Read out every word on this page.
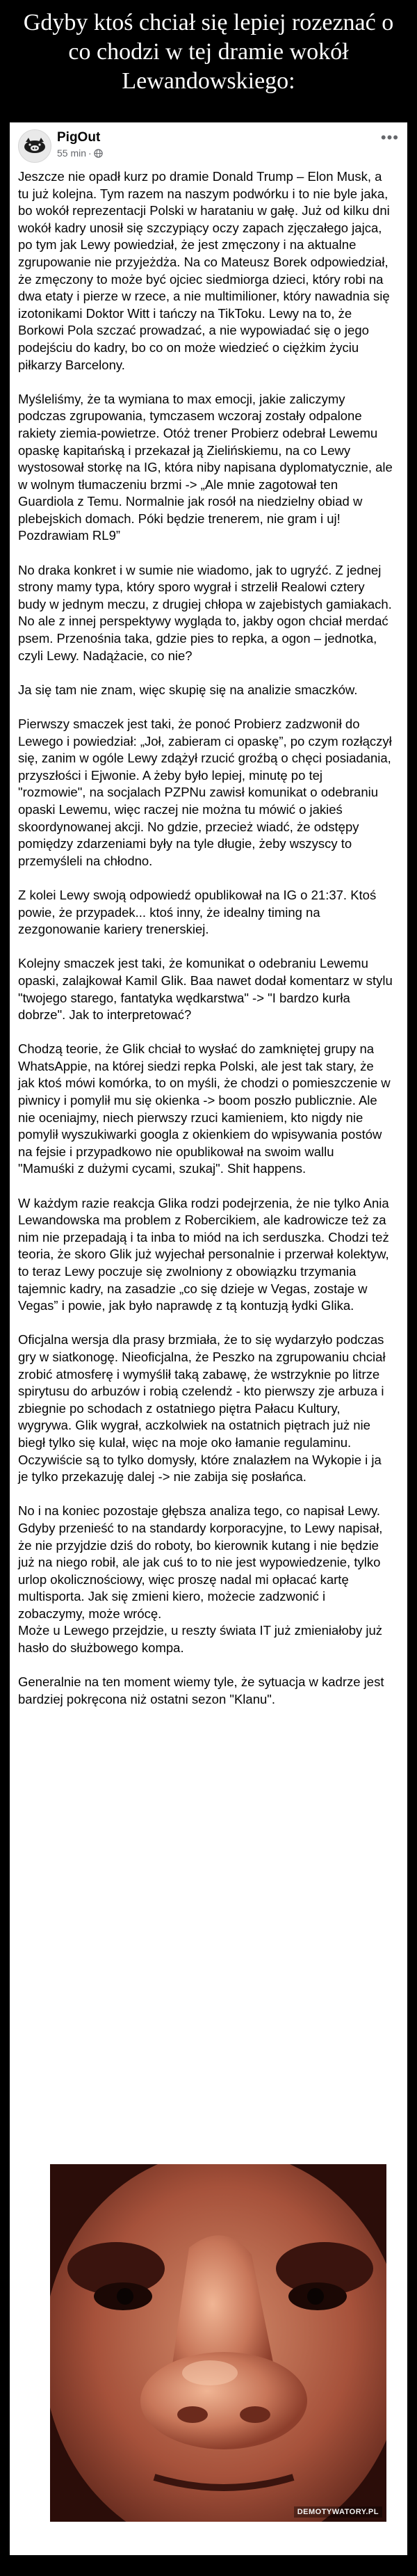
Gdyby ktoś chciał się lepiej rozeznać o co chodzi w tej dramie wokół Lewandowskiego:
PigOut
55 min ·
•••

Jeszcze nie opadł kurz po dramie Donald Trump – Elon Musk, a tu już kolejna. Tym razem na naszym podwórku i to nie byle jaka, bo wokół reprezentacji Polski w harataniu w gałę. Już od kilku dni wokół kadry unosił się szczypiący oczy zapach zjęczałego jajca, po tym jak Lewy powiedział, że jest zmęczony i na aktualne zgrupowanie nie przyjeżdża. Na co Mateusz Borek odpowiedział, że zmęczony to może być ojciec siedmiorga dzieci, który robi na dwa etaty i pierze w rzece, a nie multimilioner, który nawadnia się izotonikami Doktor Witt i tańczy na TikToku. Lewy na to, że Borkowi Pola szczać prowadzać, a nie wypowiadać się o jego podejściu do kadry, bo co on może wiedzieć o ciężkim życiu piłkarzy Barcelony.

Myśleliśmy, że ta wymiana to max emocji, jakie zaliczymy podczas zgrupowania, tymczasem wczoraj zostały odpalone rakiety ziemia-powietrze. Otóż trener Probierz odebrał Lewemu opaskę kapitańską i przekazał ją Zielińskiemu, na co Lewy wystosował storkę na IG, która niby napisana dyplomatycznie, ale w wolnym tłumaczeniu brzmi -> „Ale mnie zagotował ten Guardiola z Temu. Normalnie jak rosół na niedzielny obiad w plebejskich domach. Póki będzie trenerem, nie gram i uj! Pozdrawiam RL9”

No draka konkret i w sumie nie wiadomo, jak to ugryźć. Z jednej strony mamy typa, który sporo wygrał i strzelił Realowi cztery budy w jednym meczu, z drugiej chłopa w zajebistych gamiakach. No ale z innej perspektywy wygląda to, jakby ogon chciał merdać psem. Przenośnia taka, gdzie pies to repka, a ogon – jednotka, czyli Lewy. Nadążacie, co nie?

Ja się tam nie znam, więc skupię się na analizie smaczków.

Pierwszy smaczek jest taki, że ponoć Probierz zadzwonił do Lewego i powiedział: „Joł, zabieram ci opaskę”, po czym rozłączył się, zanim w ogóle Lewy zdążył rzucić groźbą o chęci posiadania, przyszłości i Ejwonie. A żeby było lepiej, minutę po tej "rozmowie", na socjalach PZPNu zawisł komunikat o odebraniu opaski Lewemu, więc raczej nie można tu mówić o jakieś skoordynowanej akcji. No gdzie, przecież wiadć, że odstępy pomiędzy zdarzeniami były na tyle długie, żeby wszyscy to przemyśleli na chłodno.

Z kolei Lewy swoją odpowiedź opublikował na IG o 21:37. Ktoś powie, że przypadek... ktoś inny, że idealny timing na zezgonowanie kariery trenerskiej.

Kolejny smaczek jest taki, że komunikat o odebraniu Lewemu opaski, zalajkował Kamil Glik. Baa nawet dodał komentarz w stylu "twojego starego, fantatyka wędkarstwa" -> "I bardzo kurła dobrze". Jak to interpretować?

Chodzą teorie, że Glik chciał to wysłać do zamkniętej grupy na WhatsAppie, na której siedzi repka Polski, ale jest tak stary, że jak ktoś mówi komórka, to on myśli, że chodzi o pomieszczenie w piwnicy i pomylił mu się okienka -> boom poszło publicznie. Ale nie oceniajmy, niech pierwszy rzuci kamieniem, kto nigdy nie pomylił wyszukiwarki googla z okienkiem do wpisywania postów na fejsie i przypadkowo nie opublikował na swoim wallu "Mamuśki z dużymi cycami, szukaj". Shit happens.

W każdym razie reakcja Glika rodzi podejrzenia, że nie tylko Ania Lewandowska ma problem z Robercikiem, ale kadrowicze też za nim nie przepadają i ta inba to miód na ich serduszka. Chodzi też teoria, że skoro Glik już wyjechał personalnie i przerwał kolektyw, to teraz Lewy poczuje się zwolniony z obowiązku trzymania tajemnic kadry, na zasadzie „co się dzieje w Vegas, zostaje w Vegas” i powie, jak było naprawdę z tą kontuzją łydki Glika.

Oficjalna wersja dla prasy brzmiała, że to się wydarzyło podczas gry w siatkonogę. Nieoficjalna, że Peszko na zgrupowaniu chciał zrobić atmosferę i wymyślił taką zabawę, że wstrzyknie po litrze spirytusu do arbuzów i robią czelendż - kto pierwszy zje arbuza i zbiegnie po schodach z ostatniego piętra Pałacu Kultury, wygrywa. Glik wygrał, aczkolwiek na ostatnich piętrach już nie biegł tylko się kulał, więc na moje oko łamanie regulaminu. Oczywiście są to tylko domysły, które znalazłem na Wykopie i ja je tylko przekazuję dalej -> nie zabija się posłańca.

No i na koniec pozostaje głębsza analiza tego, co napisał Lewy. Gdyby przenieść to na standardy korporacyjne, to Lewy napisał, że nie przyjdzie dziś do roboty, bo kierownik kutang i nie będzie już na niego robił, ale jak cuś to to nie jest wypowiedzenie, tylko urlop okolicznościowy, więc proszę nadal mi opłacać kartę multisporta. Jak się zmieni kiero, możecie zadzwonić i zobaczymy, może wrócę.
Może u Lewego przejdzie, u reszty świata IT już zmieniałoby już hasło do służbowego kompa.

Generalnie na ten moment wiemy tyle, że sytuacja w kadrze jest bardziej pokręcona niż ostatni sezon "Klanu".

DEMOTYWATORY.PL
